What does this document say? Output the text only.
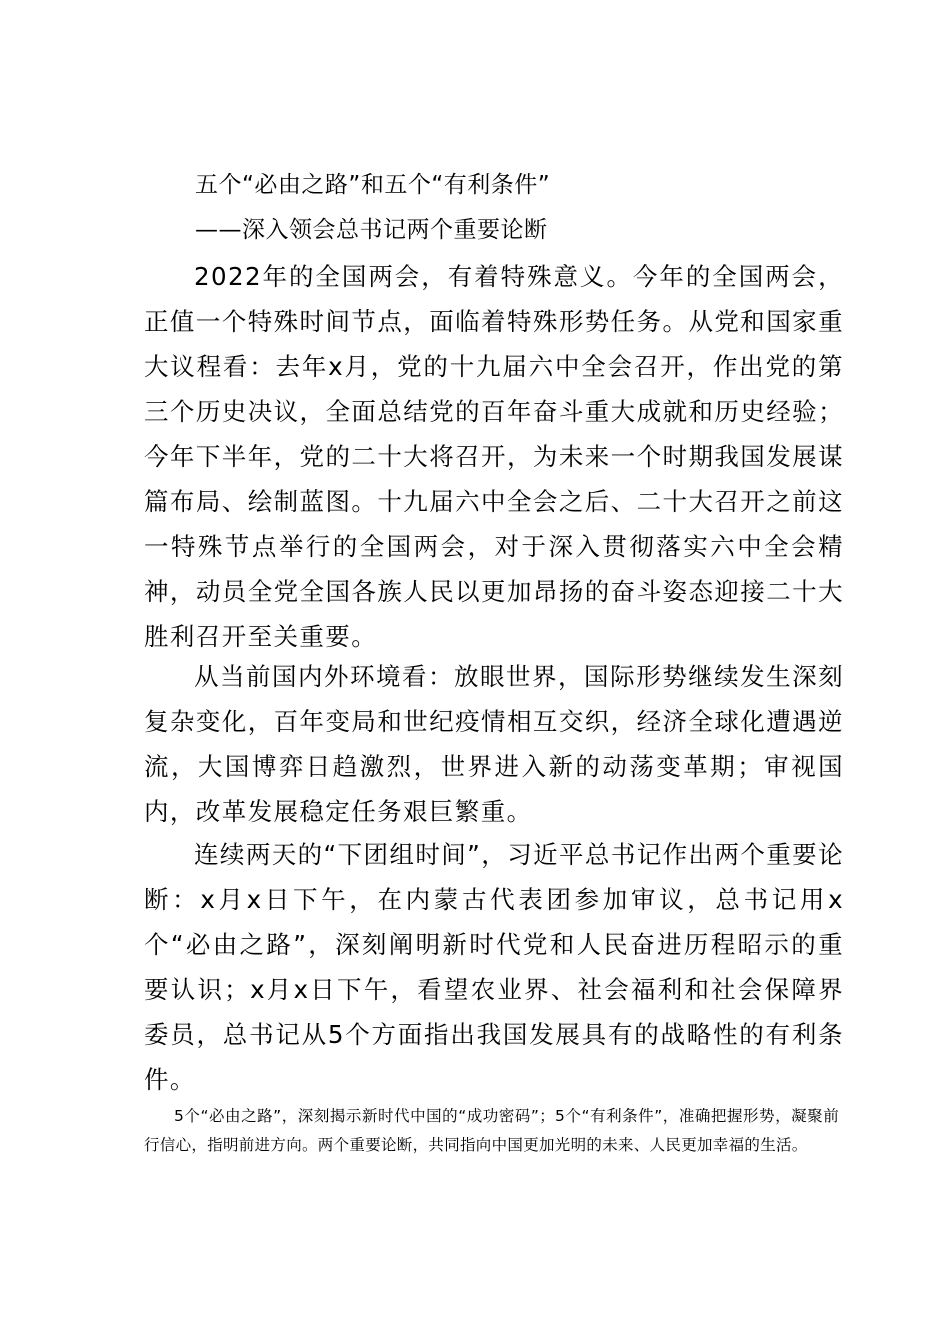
五个“必由之路”和五个“有利条件”
——深入领会总书记两个重要论断

2022年的全国两会，有着特殊意义。今年的全国两会，正值一个特殊时间节点，面临着特殊形势任务。从党和国家重大议程看：去年x月，党的十九届六中全会召开，作出党的第三个历史决议，全面总结党的百年奋斗重大成就和历史经验；今年下半年，党的二十大将召开，为未来一个时期我国发展谋篇布局、绘制蓝图。十九届六中全会之后、二十大召开之前这一特殊节点举行的全国两会，对于深入贯彻落实六中全会精神，动员全党全国各族人民以更加昂扬的奋斗姿态迎接二十大胜利召开至关重要。

从当前国内外环境看：放眼世界，国际形势继续发生深刻复杂变化，百年变局和世纪疫情相互交织，经济全球化遭遇逆流，大国博弈日趋激烈，世界进入新的动荡变革期；审视国内，改革发展稳定任务艰巨繁重。

连续两天的“下团组时间”，习近平总书记作出两个重要论断：x月x日下午，在内蒙古代表团参加审议，总书记用x个“必由之路”，深刻阐明新时代党和人民奋进历程昭示的重要认识；x月x日下午，看望农业界、社会福利和社会保障界委员，总书记从5个方面指出我国发展具有的战略性的有利条件。

5个“必由之路”，深刻揭示新时代中国的“成功密码”；5个“有利条件”，准确把握形势，凝聚前行信心，指明前进方向。两个重要论断，共同指向中国更加光明的未来、人民更加幸福的生活。
